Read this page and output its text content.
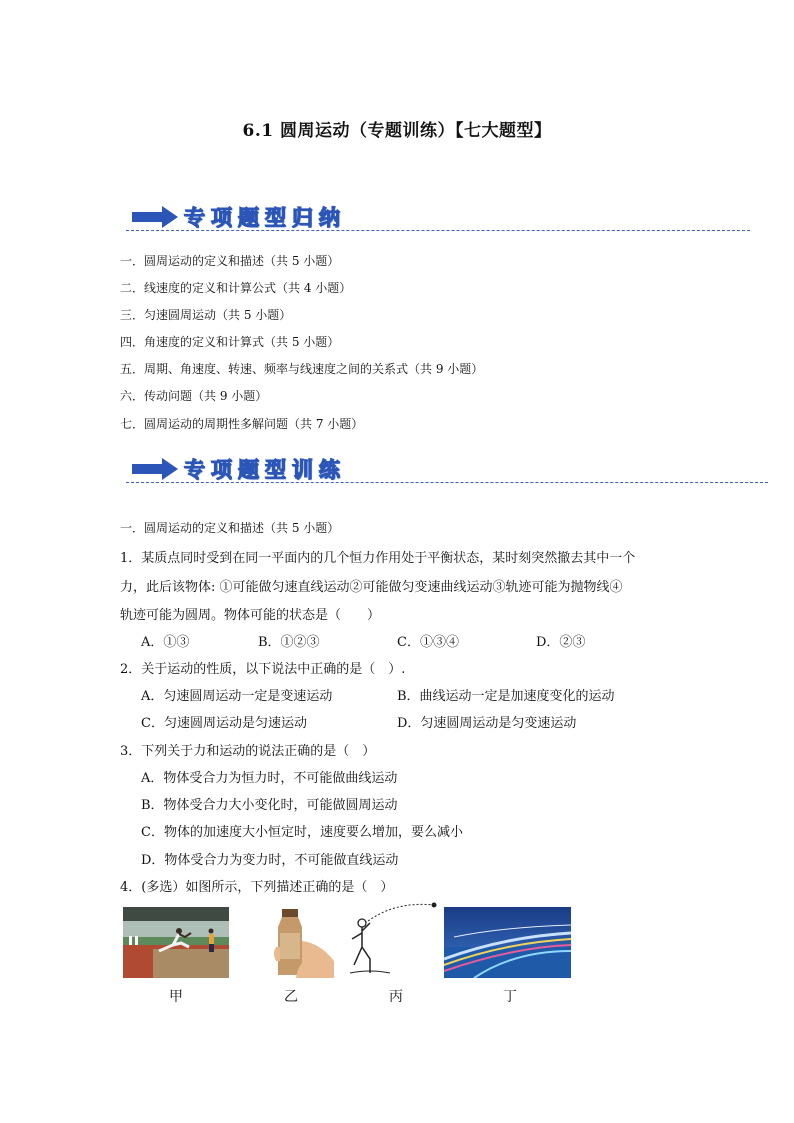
6.1 圆周运动（专题训练）【七大题型】
专项题型归纳
一．圆周运动的定义和描述（共 5 小题）
二．线速度的定义和计算公式（共 4 小题）
三．匀速圆周运动（共 5 小题）
四．角速度的定义和计算式（共 5 小题）
五．周期、角速度、转速、频率与线速度之间的关系式（共 9 小题）
六．传动问题（共 9 小题）
七．圆周运动的周期性多解问题（共 7 小题）
专项题型训练
一．圆周运动的定义和描述（共 5 小题）
1．某质点同时受到在同一平面内的几个恒力作用处于平衡状态，某时刻突然撤去其中一个
力，此后该物体: ①可能做匀速直线运动②可能做匀变速曲线运动③轨迹可能为抛物线④
轨迹可能为圆周。物体可能的状态是（　　）
A．①③	B．①②③	C．①③④	D．②③
2．关于运动的性质，以下说法中正确的是（　）.
A．匀速圆周运动一定是变速运动	B．曲线运动一定是加速度变化的运动
C．匀速圆周运动是匀速运动	D．匀速圆周运动是匀变速运动
3．下列关于力和运动的说法正确的是（　）
A．物体受合力为恒力时，不可能做曲线运动
B．物体受合力大小变化时，可能做圆周运动
C．物体的加速度大小恒定时，速度要么增加，要么减小
D．物体受合力为变力时，不可能做直线运动
4．(多选）如图所示，下列描述正确的是（　）
甲	乙	丙	丁
